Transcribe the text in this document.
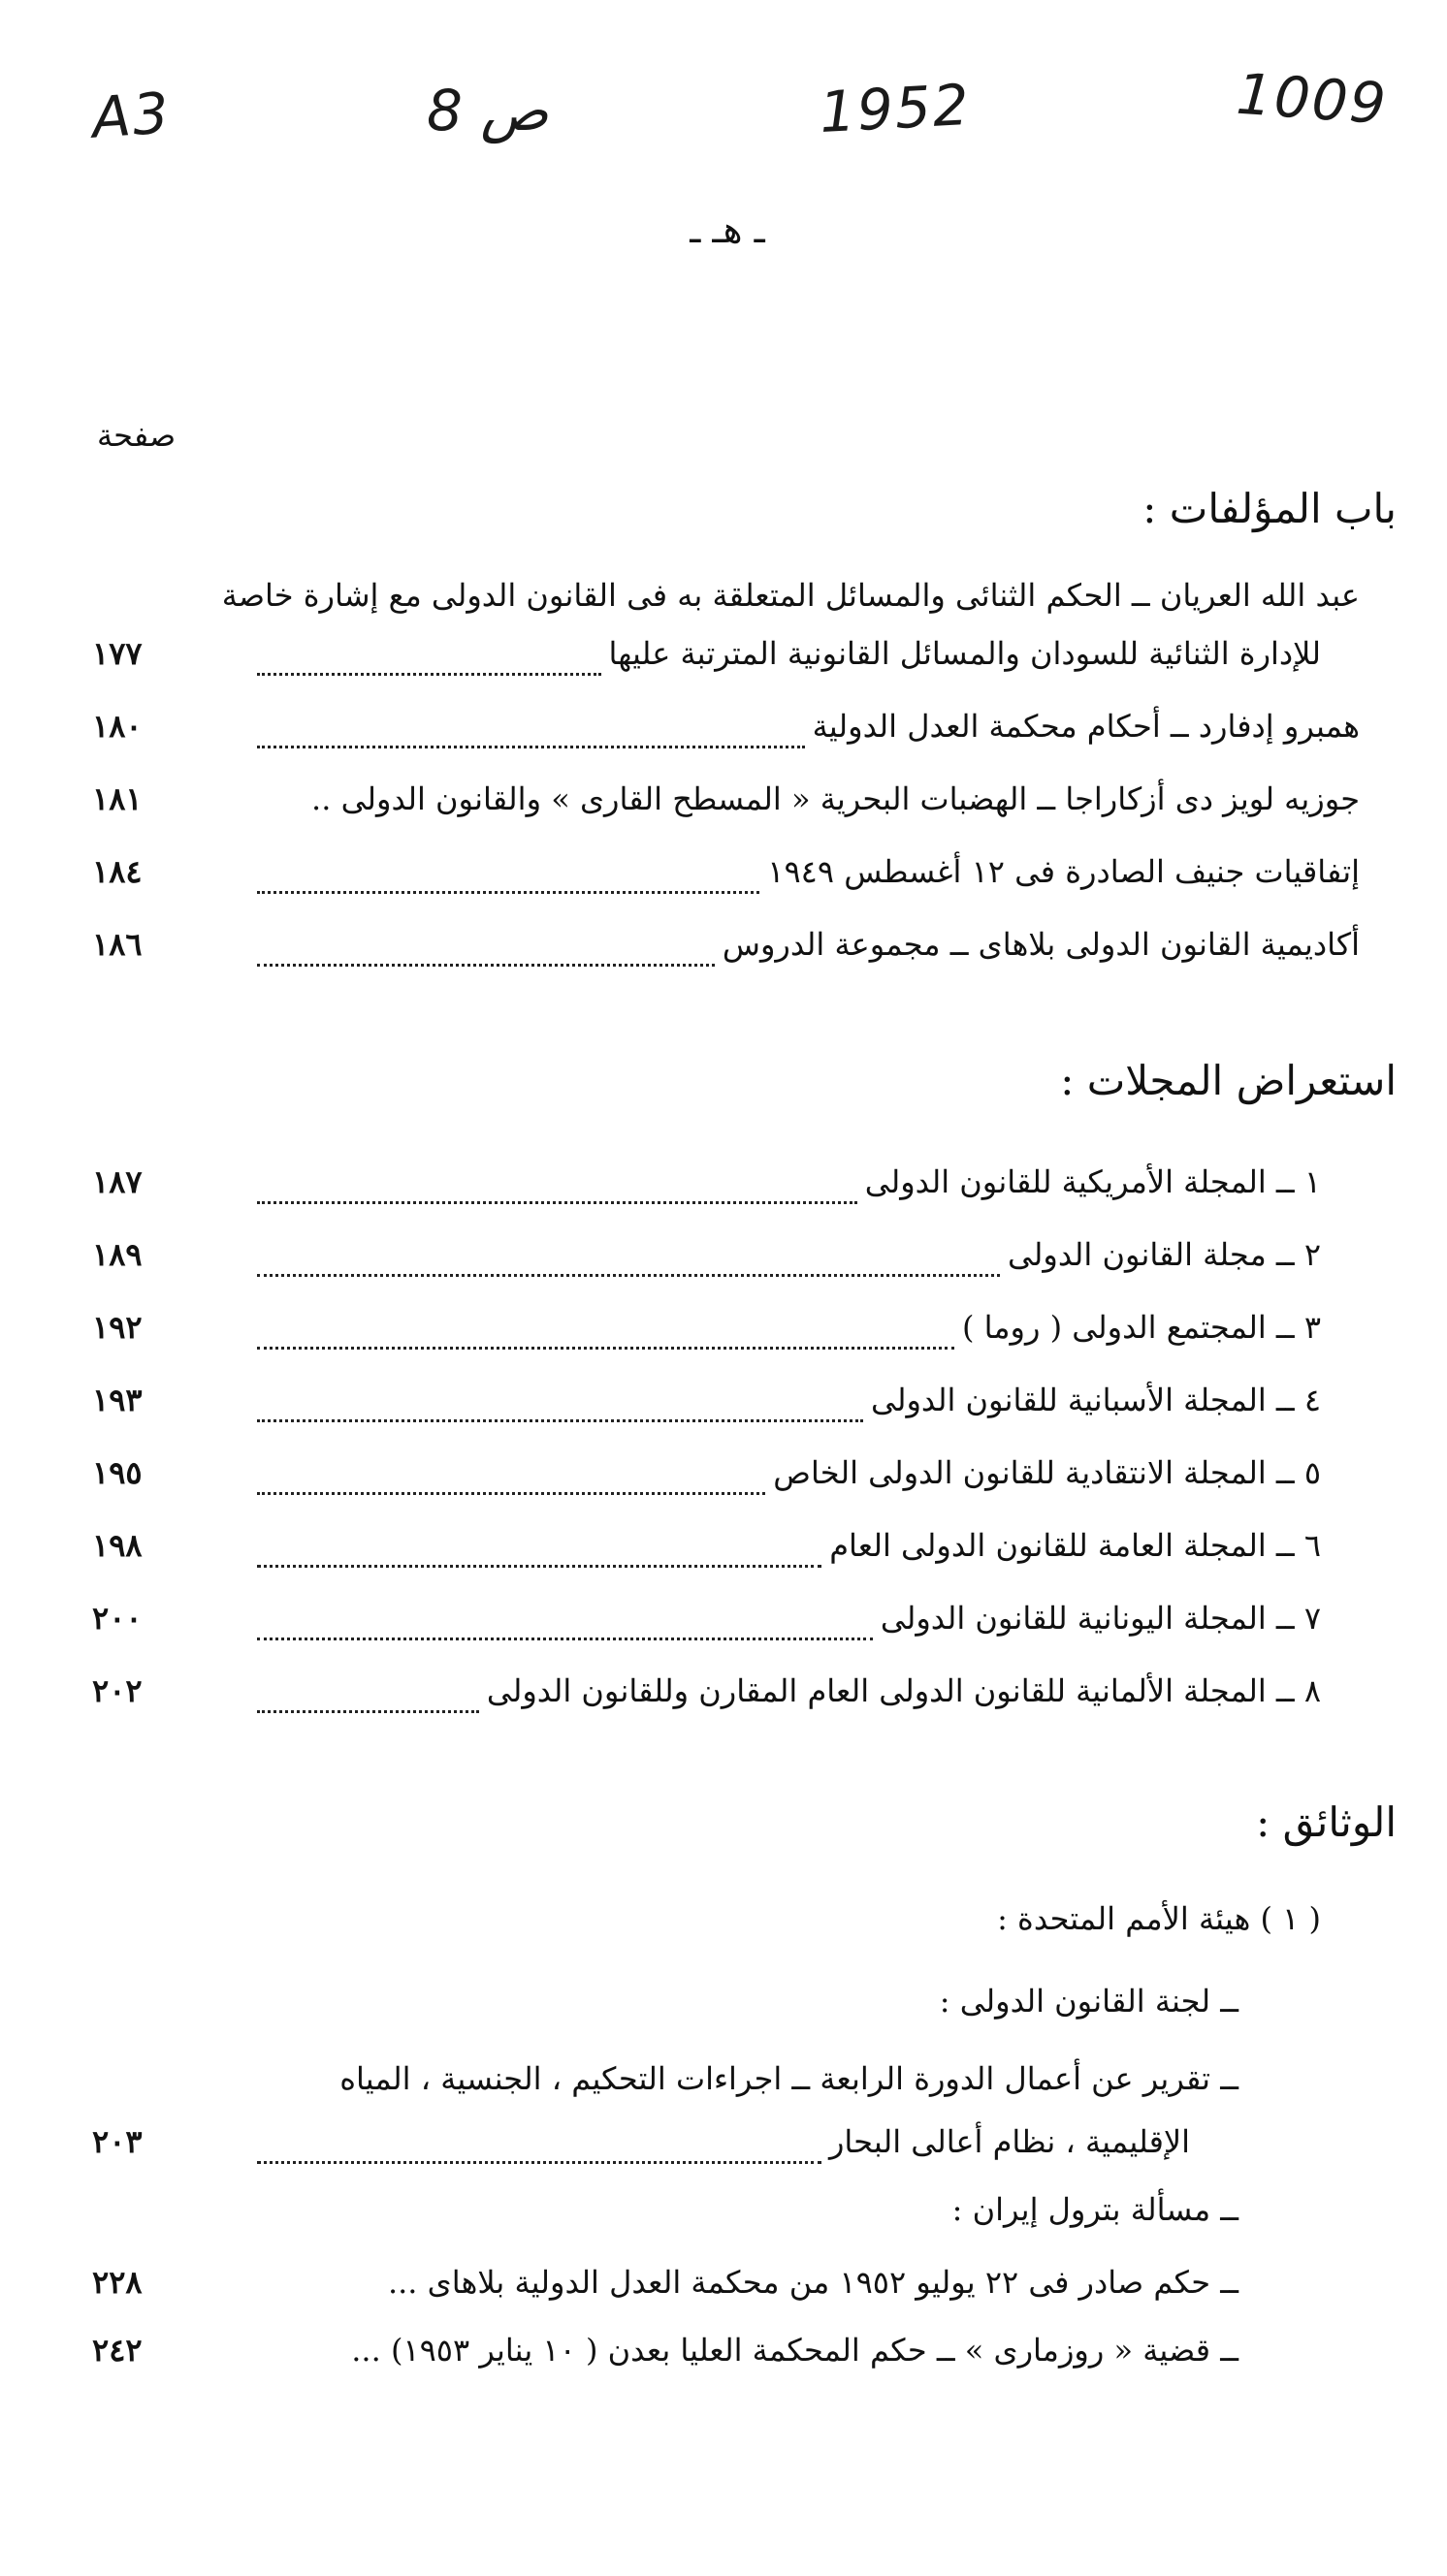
A3	8 ص	1952	1009
ـ هـ ـ
صفحة
باب المؤلفات :
عبد الله العريان ــ الحكم الثنائى والمسائل المتعلقة به فى القانون الدولى مع إشارة خاصة
للإدارة الثنائية للسودان والمسائل القانونية المترتبة عليها
١٧٧
همبرو إدفارد ــ أحكام محكمة العدل الدولية
١٨٠
جوزيه لويز دى أزكاراجا ــ الهضبات البحرية « المسطح القارى » والقانون الدولى ..
١٨١
إتفاقيات جنيف الصادرة فى ١٢ أغسطس ١٩٤٩
١٨٤
أكاديمية القانون الدولى بلاهاى ــ مجموعة الدروس
١٨٦
استعراض المجلات :
١ ــ المجلة الأمريكية للقانون الدولى
١٨٧
٢ ــ مجلة القانون الدولى
١٨٩
٣ ــ المجتمع الدولى ( روما )
١٩٢
٤ ــ المجلة الأسبانية للقانون الدولى
١٩٣
٥ ــ المجلة الانتقادية للقانون الدولى الخاص
١٩٥
٦ ــ المجلة العامة للقانون الدولى العام
١٩٨
٧ ــ المجلة اليونانية للقانون الدولى
٢٠٠
٨ ــ المجلة الألمانية للقانون الدولى العام المقارن وللقانون الدولى
٢٠٢
الوثائق :
( ١ ) هيئة الأمم المتحدة :
ــ لجنة القانون الدولى :
ــ تقرير عن أعمال الدورة الرابعة ــ اجراءات التحكيم ، الجنسية ، المياه
الإقليمية ، نظام أعالى البحار
٢٠٣
ــ مسألة بترول إيران :
ــ حكم صادر فى ٢٢ يوليو ١٩٥٢ من محكمة العدل الدولية بلاهاى ...
٢٢٨
ــ قضية « روزمارى » ــ حكم المحكمة العليا بعدن ( ١٠ يناير ١٩٥٣) ...
٢٤٢
